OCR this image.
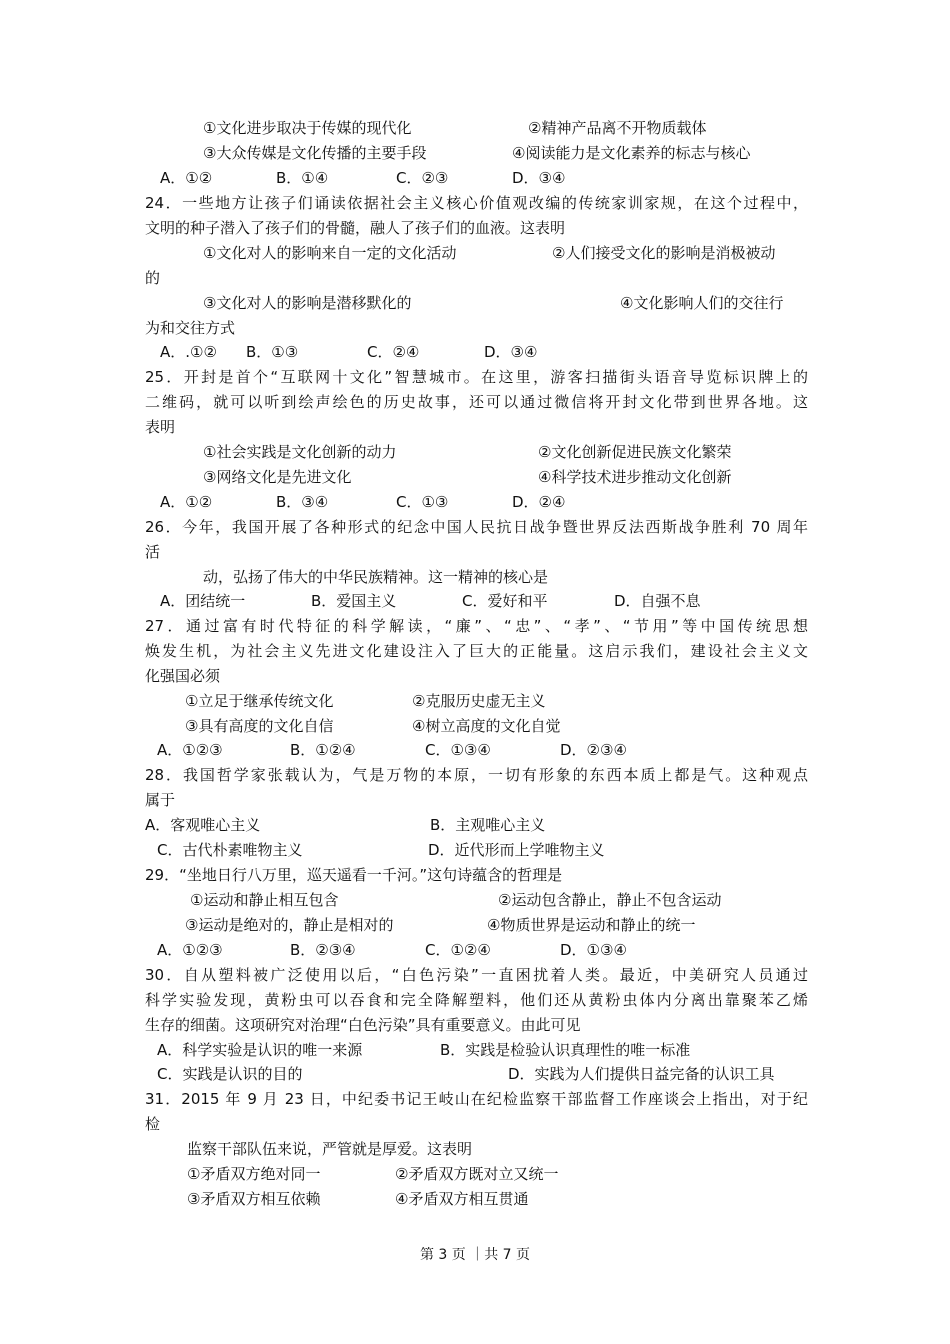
①文化进步取决于传媒的现代化	②精神产品离不开物质载体
③大众传媒是文化传播的主要手段	④阅读能力是文化素养的标志与核心
A．①②	B．①④	C．②③	D．③④
24．一些地方让孩子们诵读依据社会主义核心价值观改编的传统家训家规，在这个过程中，
文明的种子潜入了孩子们的骨髓，融人了孩子们的血液。这表明
①文化对人的影响来自一定的文化活动	②人们接受文化的影响是消极被动
的
③文化对人的影响是潜移默化的	④文化影响人们的交往行
为和交往方式
A．.①② B．①③	C．②④	D．③④
25．开封是首个“互联网十文化”智慧城市。在这里，游客扫描街头语音导览标识牌上的
二维码，就可以听到绘声绘色的历史故事，还可以通过微信将开封文化带到世界各地。这
表明
①社会实践是文化创新的动力	②文化创新促进民族文化繁荣
③网络文化是先进文化	④科学技术进步推动文化创新
A．①②	B．③④	C．①③	D．②④
26．今年，我国开展了各种形式的纪念中国人民抗日战争暨世界反法西斯战争胜利 70 周年
活
动，弘扬了伟大的中华民族精神。这一精神的核心是
A．团结统一	B．爱国主义	C．爱好和平	D．自强不息
27．通过富有时代特征的科学解读，“廉”、“忠”、“孝”、“节用”等中国传统思想
焕发生机，为社会主义先进文化建设注入了巨大的正能量。这启示我们，建设社会主义文
化强国必须
①立足于继承传统文化	②克服历史虚无主义
③具有高度的文化自信	④树立高度的文化自觉
A．①②③	B．①②④	C．①③④	D．②③④
28．我国哲学家张载认为，气是万物的本原，一切有形象的东西本质上都是气。这种观点
属于
A．客观唯心主义	B．主观唯心主义
C．古代朴素唯物主义	D．近代形而上学唯物主义
29．“坐地日行八万里，巡天遥看一千河。”这句诗蕴含的哲理是
①运动和静止相互包含	②运动包含静止，静止不包含运动
③运动是绝对的，静止是相对的	④物质世界是运动和静止的统一
A．①②③	B．②③④	C．①②④	D．①③④
30．自从塑料被广泛使用以后，“白色污染”一直困扰着人类。最近，中美研究人员通过
科学实验发现，黄粉虫可以吞食和完全降解塑料，他们还从黄粉虫体内分离出靠聚苯乙烯
生存的细菌。这项研究对治理“白色污染”具有重要意义。由此可见
A．科学实验是认识的唯一来源	B．实践是检验认识真理性的唯一标准
C．实践是认识的目的	D．实践为人们提供日益完备的认识工具
31．2015 年 9 月 23 日，中纪委书记王岐山在纪检监察干部监督工作座谈会上指出，对于纪
检
监察干部队伍来说，严管就是厚爱。这表明
①矛盾双方绝对同一	②矛盾双方既对立又统一
③矛盾双方相互依赖	④矛盾双方相互贯通
第 3 页 ｜共 7 页
